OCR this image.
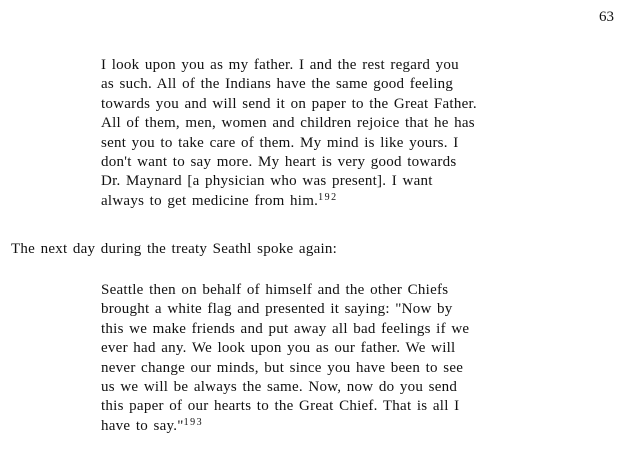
63
I look upon you as my father. I and the rest regard you
as such. All of the Indians have the same good feeling
towards you and will send it on paper to the Great Father.
All of them, men, women and children rejoice that he has
sent you to take care of them. My mind is like yours. I
don't want to say more. My heart is very good towards
Dr. Maynard [a physician who was present]. I want
always to get medicine from him.$^{192}$
The next day during the treaty Seathl spoke again:
Seattle then on behalf of himself and the other Chiefs
brought a white flag and presented it saying: "Now by
this we make friends and put away all bad feelings if we
ever had any. We look upon you as our father. We will
never change our minds, but since you have been to see
us we will be always the same. Now, now do you send
this paper of our hearts to the Great Chief. That is all I
have to say."$^{193}$
